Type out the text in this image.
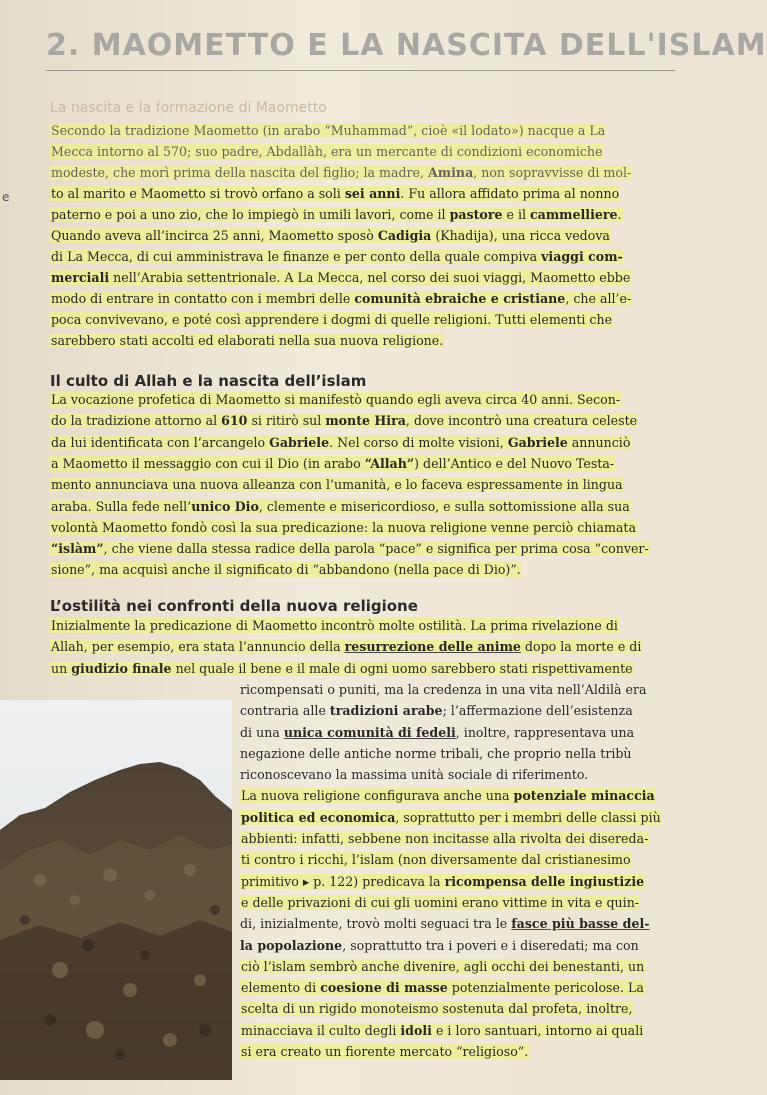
2. MAOMETTO E LA NASCITA DELL'ISLAM
La nascita e la formazione di Maometto
Secondo la tradizione Maometto (in arabo “Muhammad”, cioè «il lodato») nacque a La
Mecca intorno al 570; suo padre, Abdallàh, era un mercante di condizioni economiche
modeste, che morì prima della nascita del figlio; la madre, Amina, non sopravvisse di mol-
to al marito e Maometto si trovò orfano a soli sei anni. Fu allora affidato prima al nonno
paterno e poi a uno zio, che lo impiegò in umili lavori, come il pastore e il cammelliere.
Quando aveva all’incirca 25 anni, Maometto sposò Cadigia (Khadija), una ricca vedova
di La Mecca, di cui amministrava le finanze e per conto della quale compiva viaggi com-
merciali nell’Arabia settentrionale. A La Mecca, nel corso dei suoi viaggi, Maometto ebbe
modo di entrare in contatto con i membri delle comunità ebraiche e cristiane, che all’e-
poca convivevano, e poté così apprendere i dogmi di quelle religioni. Tutti elementi che
sarebbero stati accolti ed elaborati nella sua nuova religione.
Il culto di Allah e la nascita dell’islam
La vocazione profetica di Maometto si manifestò quando egli aveva circa 40 anni. Secon-
do la tradizione attorno al 610 si ritirò sul monte Hira, dove incontrò una creatura celeste
da lui identificata con l’arcangelo Gabriele. Nel corso di molte visioni, Gabriele annunciò
a Maometto il messaggio con cui il Dio (in arabo “Allah”) dell’Antico e del Nuovo Testa-
mento annunciava una nuova alleanza con l’umanità, e lo faceva espressamente in lingua
araba. Sulla fede nell’unico Dio, clemente e misericordioso, e sulla sottomissione alla sua
volontà Maometto fondò così la sua predicazione: la nuova religione venne perciò chiamata
“islàm”, che viene dalla stessa radice della parola “pace” e significa per prima cosa “conver-
sione”, ma acquisì anche il significato di “abbandono (nella pace di Dio)”.
L’ostilità nei confronti della nuova religione
Inizialmente la predicazione di Maometto incontrò molte ostilità. La prima rivelazione di
Allah, per esempio, era stata l’annuncio della resurrezione delle anime dopo la morte e di
un giudizio finale nel quale il bene e il male di ogni uomo sarebbero stati rispettivamente
ricompensati o puniti, ma la credenza in una vita nell’Aldilà era
contraria alle tradizioni arabe; l’affermazione dell’esistenza
di una unica comunità di fedeli, inoltre, rappresentava una
negazione delle antiche norme tribali, che proprio nella tribù
riconoscevano la massima unità sociale di riferimento.
La nuova religione configurava anche una potenziale minaccia
politica ed economica, soprattutto per i membri delle classi più
abbienti: infatti, sebbene non incitasse alla rivolta dei diseredа-
ti contro i ricchi, l’islam (non diversamente dal cristianesimo
primitivo ▸ p. 122) predicava la ricompensa delle ingiustizie
e delle privazioni di cui gli uomini erano vittime in vita e quin-
di, inizialmente, trovò molti seguaci tra le fasce più basse del-
la popolazione, soprattutto tra i poveri e i diseredati; ma con
ciò l’islam sembrò anche divenire, agli occhi dei benestanti, un
elemento di coesione di masse potenzialmente pericolose. La
scelta di un rigido monoteismo sostenuta dal profeta, inoltre,
minacciava il culto degli idoli e i loro santuari, intorno ai quali
si era creato un fiorente mercato “religioso”.
e
